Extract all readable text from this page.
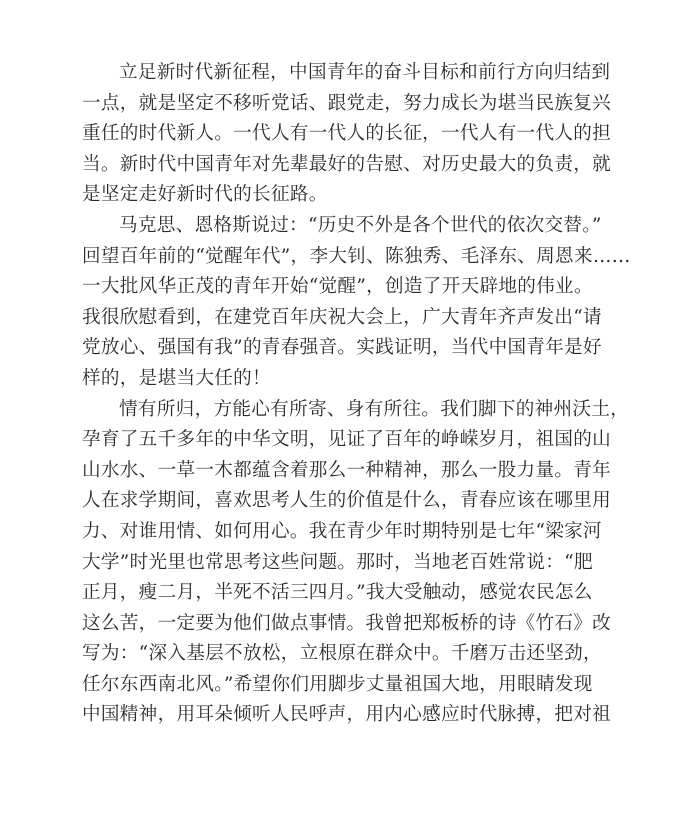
立足新时代新征程，中国青年的奋斗目标和前行方向归结到
一点，就是坚定不移听党话、跟党走，努力成长为堪当民族复兴
重任的时代新人。一代人有一代人的长征，一代人有一代人的担
当。新时代中国青年对先辈最好的告慰、对历史最大的负责，就
是坚定走好新时代的长征路。
马克思、恩格斯说过：“历史不外是各个世代的依次交替。”
回望百年前的“觉醒年代”，李大钊、陈独秀、毛泽东、周恩来……
一大批风华正茂的青年开始“觉醒”，创造了开天辟地的伟业。
我很欣慰看到，在建党百年庆祝大会上，广大青年齐声发出“请
党放心、强国有我”的青春强音。实践证明，当代中国青年是好
样的，是堪当大任的！
情有所归，方能心有所寄、身有所往。我们脚下的神州沃土，
孕育了五千多年的中华文明，见证了百年的峥嵘岁月，祖国的山
山水水、一草一木都蕴含着那么一种精神，那么一股力量。青年
人在求学期间，喜欢思考人生的价值是什么，青春应该在哪里用
力、对谁用情、如何用心。我在青少年时期特别是七年“梁家河
大学”时光里也常思考这些问题。那时，当地老百姓常说：“肥
正月，瘦二月，半死不活三四月。”我大受触动，感觉农民怎么
这么苦，一定要为他们做点事情。我曾把郑板桥的诗《竹石》改
写为：“深入基层不放松，立根原在群众中。千磨万击还坚劲，
任尔东西南北风。”希望你们用脚步丈量祖国大地，用眼睛发现
中国精神，用耳朵倾听人民呼声，用内心感应时代脉搏，把对祖
